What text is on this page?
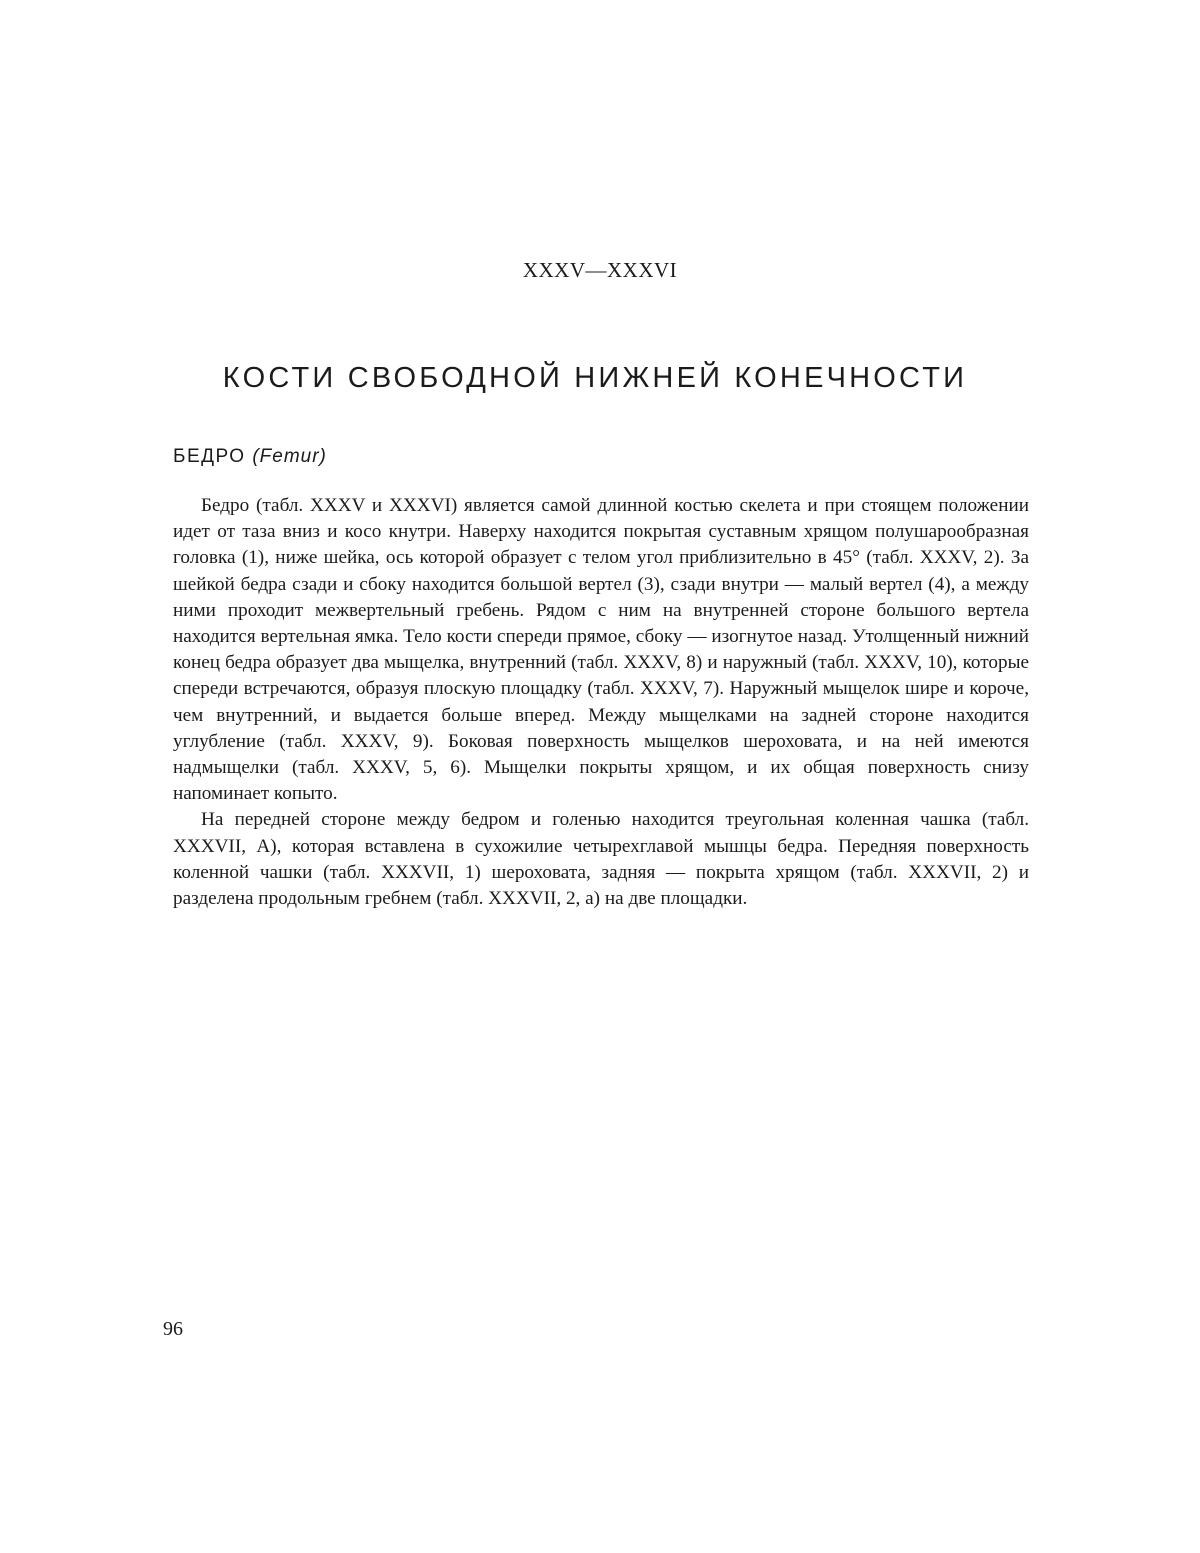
XXXV—XXXVI
КОСТИ СВОБОДНОЙ НИЖНЕЙ КОНЕЧНОСТИ
БЕДРО (Femur)

Бедро (табл. XXXV и XXXVI) является самой длинной костью скелета и при стоящем положении идет от таза вниз и косо кнутри. Наверху находится покрытая суставным хрящом полушарообразная головка (1), ниже шейка, ось которой образует с телом угол приблизительно в 45° (табл. XXXV, 2). За шейкой бедра сзади и сбоку находится большой вертел (3), сзади внутри — малый вертел (4), а между ними проходит межвертельный гребень. Рядом с ним на внутренней стороне большого вертела находится вертельная ямка. Тело кости спереди прямое, сбоку — изогнутое назад. Утолщенный нижний конец бедра образует два мыщелка, внутренний (табл. XXXV, 8) и наружный (табл. XXXV, 10), которые спереди встречаются, образуя плоскую площадку (табл. XXXV, 7). Наружный мыщелок шире и короче, чем внутренний, и выдается больше вперед. Между мыщелками на задней стороне находится углубление (табл. XXXV, 9). Боковая поверхность мыщелков шероховата, и на ней имеются надмыщелки (табл. XXXV, 5, 6). Мыщелки покрыты хрящом, и их общая поверхность снизу напоминает копыто.

На передней стороне между бедром и голенью находится треугольная коленная чашка (табл. XXXVII, А), которая вставлена в сухожилие четырехглавой мышцы бедра. Передняя поверхность коленной чашки (табл. XXXVII, 1) шероховата, задняя — покрыта хрящом (табл. XXXVII, 2) и разделена продольным гребнем (табл. XXXVII, 2, а) на две площадки.

96
